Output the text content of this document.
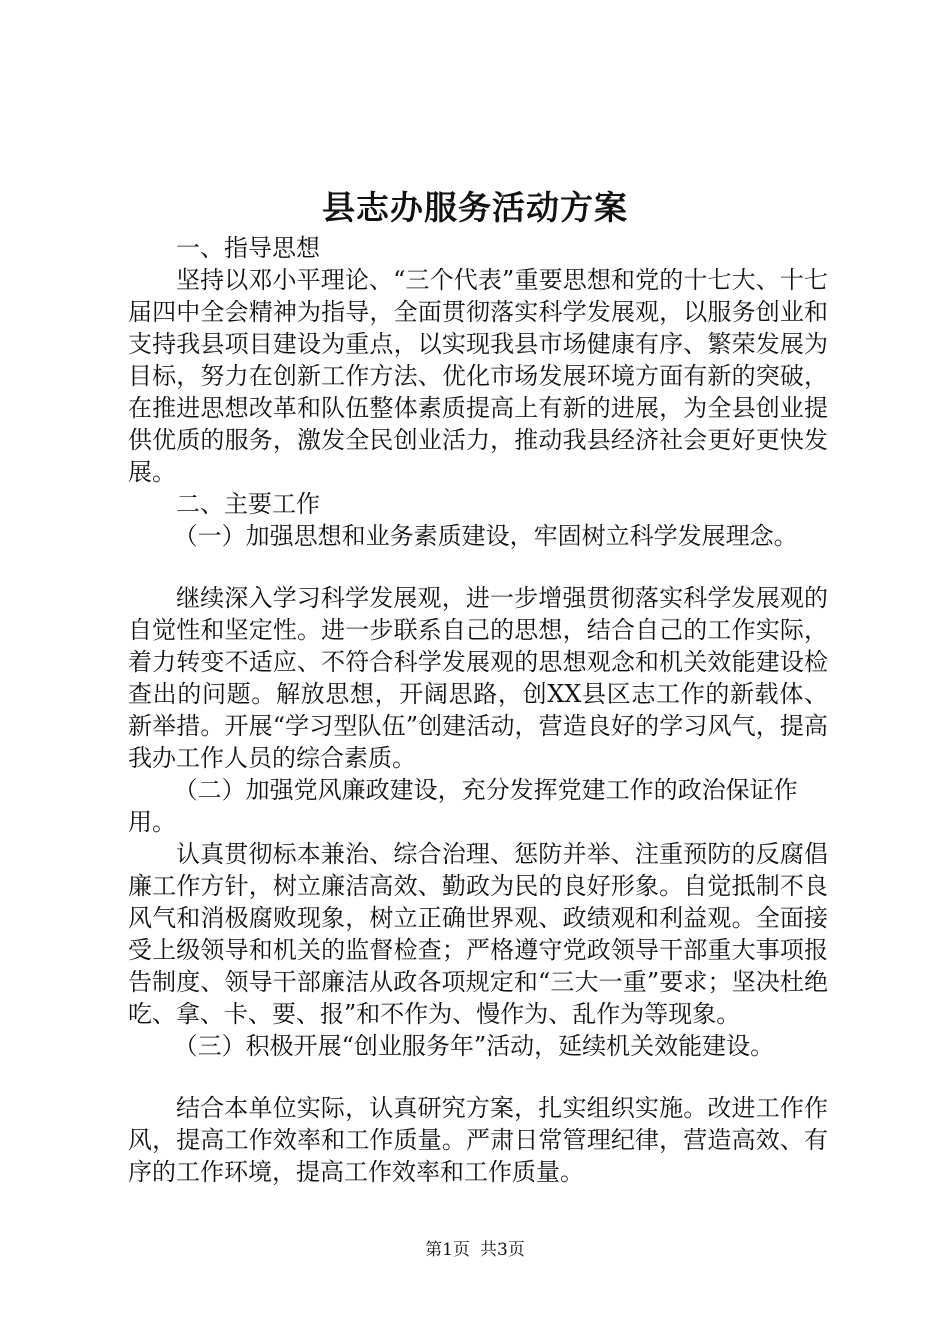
县志办服务活动方案

一、指导思想

坚持以邓小平理论、“三个代表”重要思想和党的十七大、十七届四中全会精神为指导，全面贯彻落实科学发展观，以服务创业和支持我县项目建设为重点，以实现我县市场健康有序、繁荣发展为目标，努力在创新工作方法、优化市场发展环境方面有新的突破，在推进思想改革和队伍整体素质提高上有新的进展，为全县创业提供优质的服务，激发全民创业活力，推动我县经济社会更好更快发展。

二、主要工作

（一）加强思想和业务素质建设，牢固树立科学发展理念。

继续深入学习科学发展观，进一步增强贯彻落实科学发展观的自觉性和坚定性。进一步联系自己的思想，结合自己的工作实际，着力转变不适应、不符合科学发展观的思想观念和机关效能建设检查出的问题。解放思想，开阔思路，创XX县区志工作的新载体、新举措。开展“学习型队伍”创建活动，营造良好的学习风气，提高我办工作人员的综合素质。

（二）加强党风廉政建设，充分发挥党建工作的政治保证作用。

认真贯彻标本兼治、综合治理、惩防并举、注重预防的反腐倡廉工作方针，树立廉洁高效、勤政为民的良好形象。自觉抵制不良风气和消极腐败现象，树立正确世界观、政绩观和利益观。全面接受上级领导和机关的监督检查；严格遵守党政领导干部重大事项报告制度、领导干部廉洁从政各项规定和“三大一重”要求；坚决杜绝吃、拿、卡、要、报”和不作为、慢作为、乱作为等现象。

（三）积极开展“创业服务年”活动，延续机关效能建设。

结合本单位实际，认真研究方案，扎实组织实施。改进工作作风，提高工作效率和工作质量。严肃日常管理纪律，营造高效、有序的工作环境，提高工作效率和工作质量。

第1页 共3页
